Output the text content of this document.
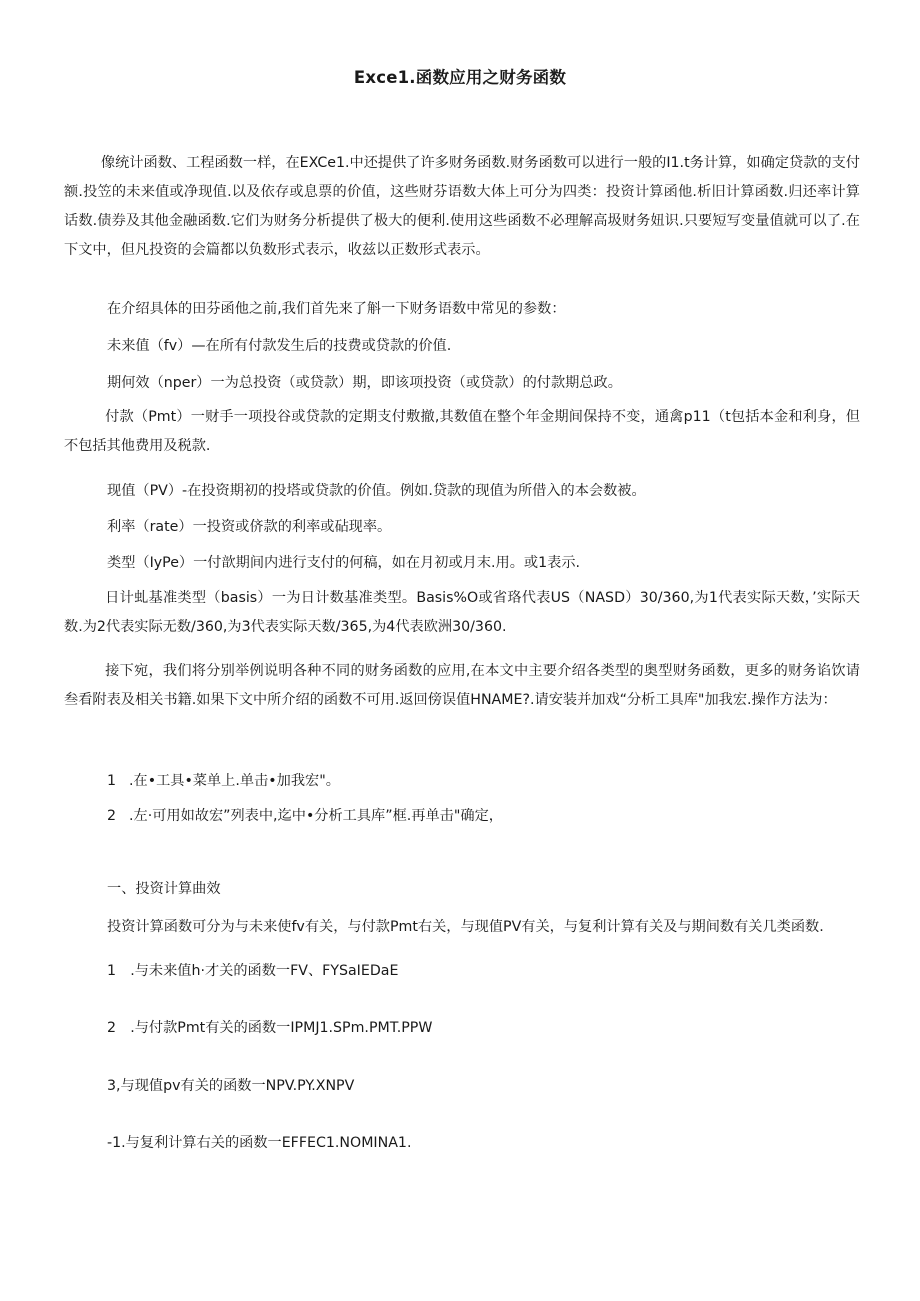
Exce1.函数应用之财务函数
像统计函数、工程函数一样，在EXCe1.中还提供了许多财务函数.财务函数可以进行一般的I1.t务计算，如确定贷款的支付额.投笠的未来值或净现值.以及依存或息票的价值，这些财芬语数大体上可分为四类：投资计算函他.析旧计算函数.归还率计算话数.债券及其他金融函数.它们为财务分析提供了极大的便利.使用这些函数不必理解高圾财务妞识.只要短写变量值就可以了.在下文中，但凡投资的会篇都以负数形式表示，收兹以正数形式表示。
在介绍具体的田芬函他之前,我们首先来了斛一下财务语数中常见的参数：
未来值（fv）—在所有付款发生后的技费或贷款的价值.
期何效（nper）一为总投资（或贷款）期，即该项投资（或贷款）的付款期总政。
付款（Pmt）一财手一项投谷或贷款的定期支付敷撤,其数值在整个年金期间保持不变，通禽p11（t包括本金和利身，但不包括其他费用及税款.
现值（PV）-在投资期初的投塔或贷款的价值。例如.贷款的现值为所借入的本会数被。
利率（rate）一投资或侪款的利率或砧现率。
类型（IyPe）一付歆期间内进行支付的何稿，如在月初或月末.用。或1表示.
日计虬基准类型（basis）一为日计数基准类型。Basis%O或省珞代表US（NASD）30/360,为1代表实际天数，’实际天数.为2代表实际无数/360,为3代表实际天数/365,为4代表欧洲30/360.
接下宛，我们将分别举例说明各种不同的财务函数的应用,在本文中主要介绍各类型的奥型财务函数，更多的财务谄饮请叁看附表及相关书籍.如果下文中所介绍的函数不可用.返回傍误值HNAME?.请安装并加戏“分析工具库"加我宏.操作方法为：
1 .在•工具•菜单上.单击•加我宏"。
2 .左·可用如故宏”列表中,迄中•分析工具库”框.再单击"确定，
一、投资计算曲效
投资计算函数可分为与未来使fv有关，与付款Pmt右关，与现值PV有关，与复利计算有关及与期间数有关几类函数.
1　.与未来值h·才关的函数一FV、FYSaIEDaE
2　.与付款Pmt有关的函数一IPMJ1.SPm.PMT.PPW
3,与现值pv有关的函数一NPV.PY.XNPV
-1.与复利计算右关的函数一EFFEC1.NOMINA1.
